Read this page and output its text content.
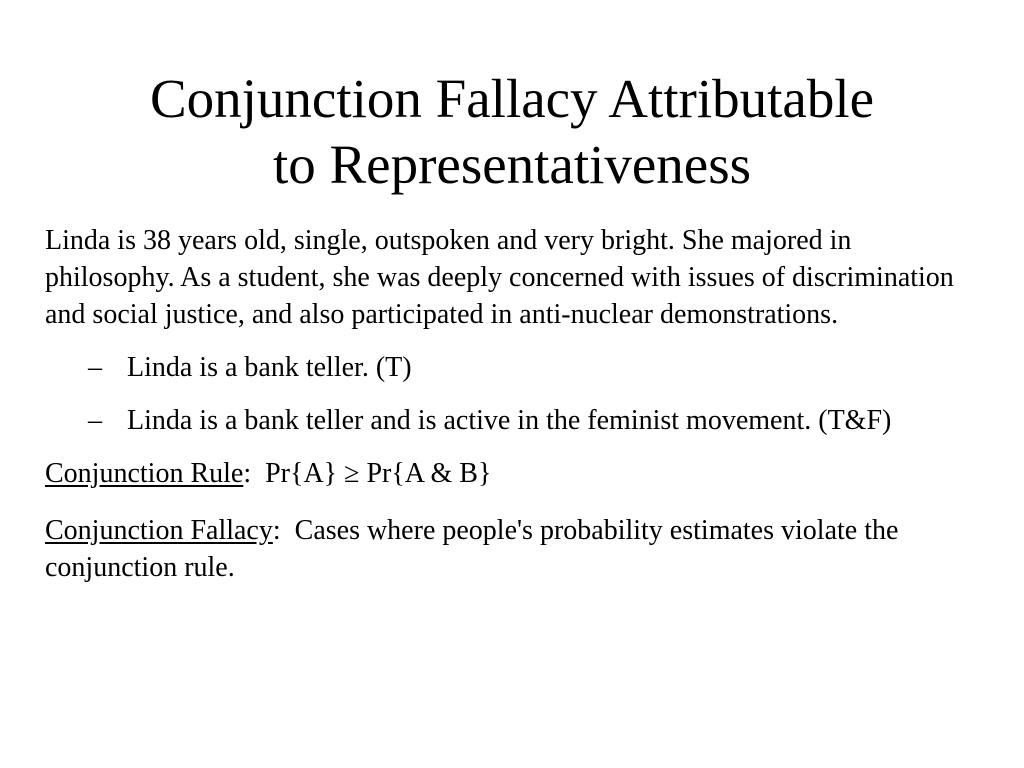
Conjunction Fallacy Attributable
to Representativeness

Linda is 38 years old, single, outspoken and very bright. She majored in philosophy. As a student, she was deeply concerned with issues of discrimination and social justice, and also participated in anti-nuclear demonstrations.

– Linda is a bank teller. (T)
– Linda is a bank teller and is active in the feminist movement. (T&F)

Conjunction Rule:  Pr{A} ≥ Pr{A & B}

Conjunction Fallacy:  Cases where people's probability estimates violate the conjunction rule.
